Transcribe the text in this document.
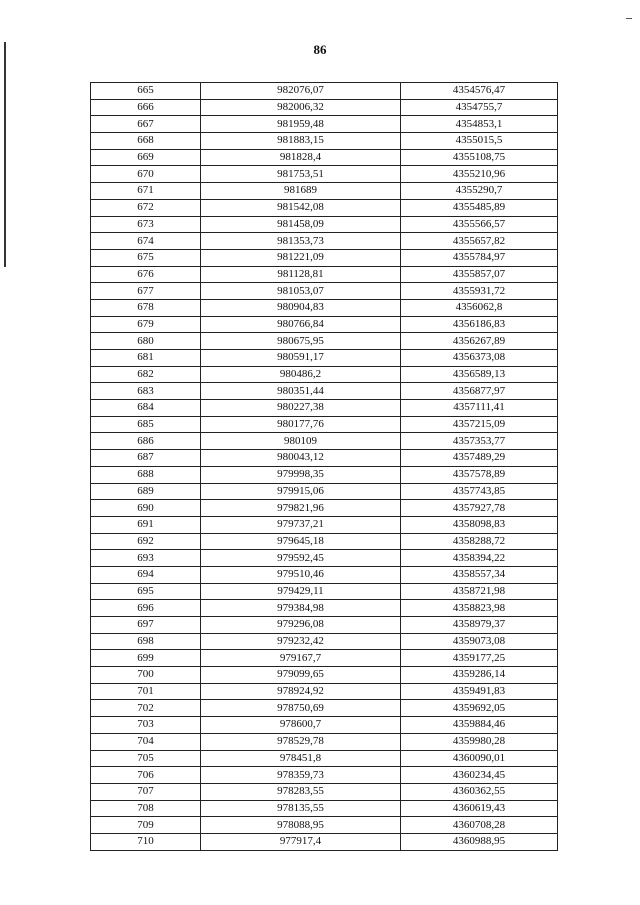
86
665	982076,07	4354576,47
666	982006,32	4354755,7
667	981959,48	4354853,1
668	981883,15	4355015,5
669	981828,4	4355108,75
670	981753,51	4355210,96
671	981689	4355290,7
672	981542,08	4355485,89
673	981458,09	4355566,57
674	981353,73	4355657,82
675	981221,09	4355784,97
676	981128,81	4355857,07
677	981053,07	4355931,72
678	980904,83	4356062,8
679	980766,84	4356186,83
680	980675,95	4356267,89
681	980591,17	4356373,08
682	980486,2	4356589,13
683	980351,44	4356877,97
684	980227,38	4357111,41
685	980177,76	4357215,09
686	980109	4357353,77
687	980043,12	4357489,29
688	979998,35	4357578,89
689	979915,06	4357743,85
690	979821,96	4357927,78
691	979737,21	4358098,83
692	979645,18	4358288,72
693	979592,45	4358394,22
694	979510,46	4358557,34
695	979429,11	4358721,98
696	979384,98	4358823,98
697	979296,08	4358979,37
698	979232,42	4359073,08
699	979167,7	4359177,25
700	979099,65	4359286,14
701	978924,92	4359491,83
702	978750,69	4359692,05
703	978600,7	4359884,46
704	978529,78	4359980,28
705	978451,8	4360090,01
706	978359,73	4360234,45
707	978283,55	4360362,55
708	978135,55	4360619,43
709	978088,95	4360708,28
710	977917,4	4360988,95
